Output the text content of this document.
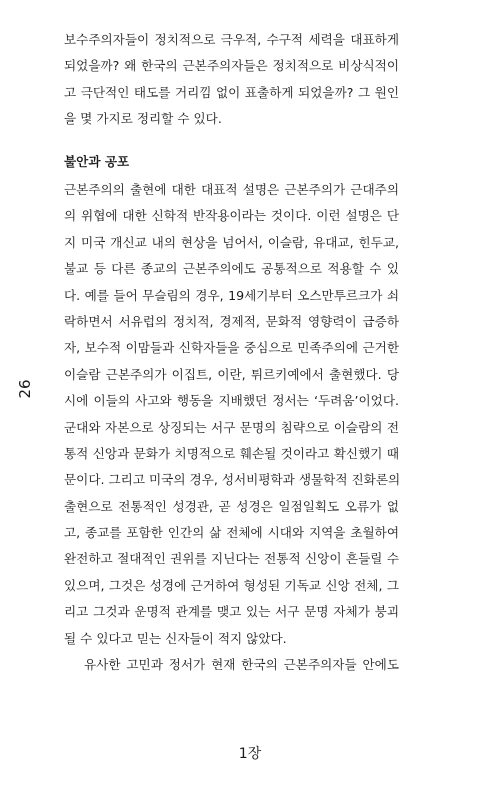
보수주의자들이 정치적으로 극우적, 수구적 세력을 대표하게
되었을까? 왜 한국의 근본주의자들은 정치적으로 비상식적이
고 극단적인 태도를 거리낌 없이 표출하게 되었을까? 그 원인
을 몇 가지로 정리할 수 있다.
불안과 공포
근본주의의 출현에 대한 대표적 설명은 근본주의가 근대주의
의 위협에 대한 신학적 반작용이라는 것이다. 이런 설명은 단
지 미국 개신교 내의 현상을 넘어서, 이슬람, 유대교, 힌두교,
불교 등 다른 종교의 근본주의에도 공통적으로 적용할 수 있
다. 예를 들어 무슬림의 경우, 19세기부터 오스만투르크가 쇠
락하면서 서유럽의 정치적, 경제적, 문화적 영향력이 급증하
자, 보수적 이맘들과 신학자들을 중심으로 민족주의에 근거한
이슬람 근본주의가 이집트, 이란, 튀르키예에서 출현했다. 당
시에 이들의 사고와 행동을 지배했던 정서는 ‘두려움’이었다.
군대와 자본으로 상징되는 서구 문명의 침략으로 이슬람의 전
통적 신앙과 문화가 치명적으로 훼손될 것이라고 확신했기 때
문이다. 그리고 미국의 경우, 성서비평학과 생물학적 진화론의
출현으로 전통적인 성경관, 곧 성경은 일점일획도 오류가 없
고, 종교를 포함한 인간의 삶 전체에 시대와 지역을 초월하여
완전하고 절대적인 권위를 지닌다는 전통적 신앙이 흔들릴 수
있으며, 그것은 성경에 근거하여 형성된 기독교 신앙 전체, 그
리고 그것과 운명적 관계를 맺고 있는 서구 문명 자체가 붕괴
될 수 있다고 믿는 신자들이 적지 않았다.
유사한 고민과 정서가 현재 한국의 근본주의자들 안에도
26
1장
